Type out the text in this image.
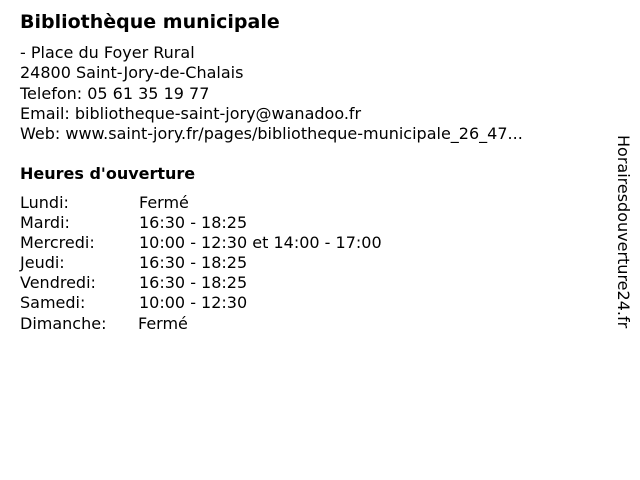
Bibliothèque municipale
- Place du Foyer Rural
24800 Saint-Jory-de-Chalais
Telefon: 05 61 35 19 77
Email: bibliotheque-saint-jory@wanadoo.fr
Web: www.saint-jory.fr/pages/bibliotheque-municipale_26_47...
Heures d'ouverture
Lundi:	Fermé
Mardi:	16:30 - 18:25
Mercredi:	10:00 - 12:30 et 14:00 - 17:00
Jeudi:	16:30 - 18:25
Vendredi:	16:30 - 18:25
Samedi:	10:00 - 12:30
Dimanche: Fermé	Horairesdouverture24.fr
